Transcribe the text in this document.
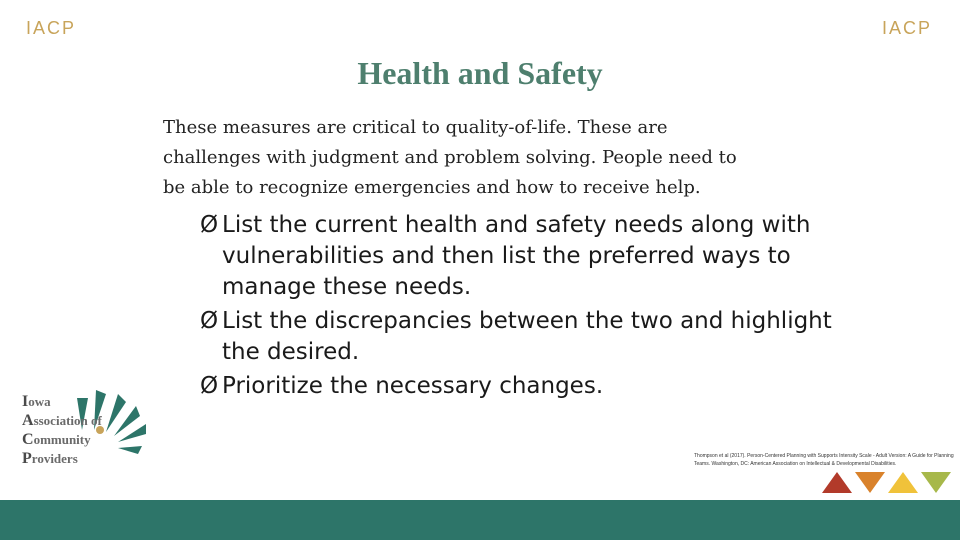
IACP	IACP
Health and Safety
These measures are critical to quality-of-life. These are challenges with judgment and problem solving. People need to be able to recognize emergencies and how to receive help.
Ø List the current health and safety needs along with vulnerabilities and then list the preferred ways to manage these needs.
Ø List the discrepancies between the two and highlight the desired.
Ø Prioritize the necessary changes.
Iowa
Association of
Community
Providers	Thompson et al (2017). Person-Centered Planning with Supports Intensity Scale - Adult Version: A Guide for Planning Teams. Washington, DC: American Association on Intellectual & Developmental Disabilities.
